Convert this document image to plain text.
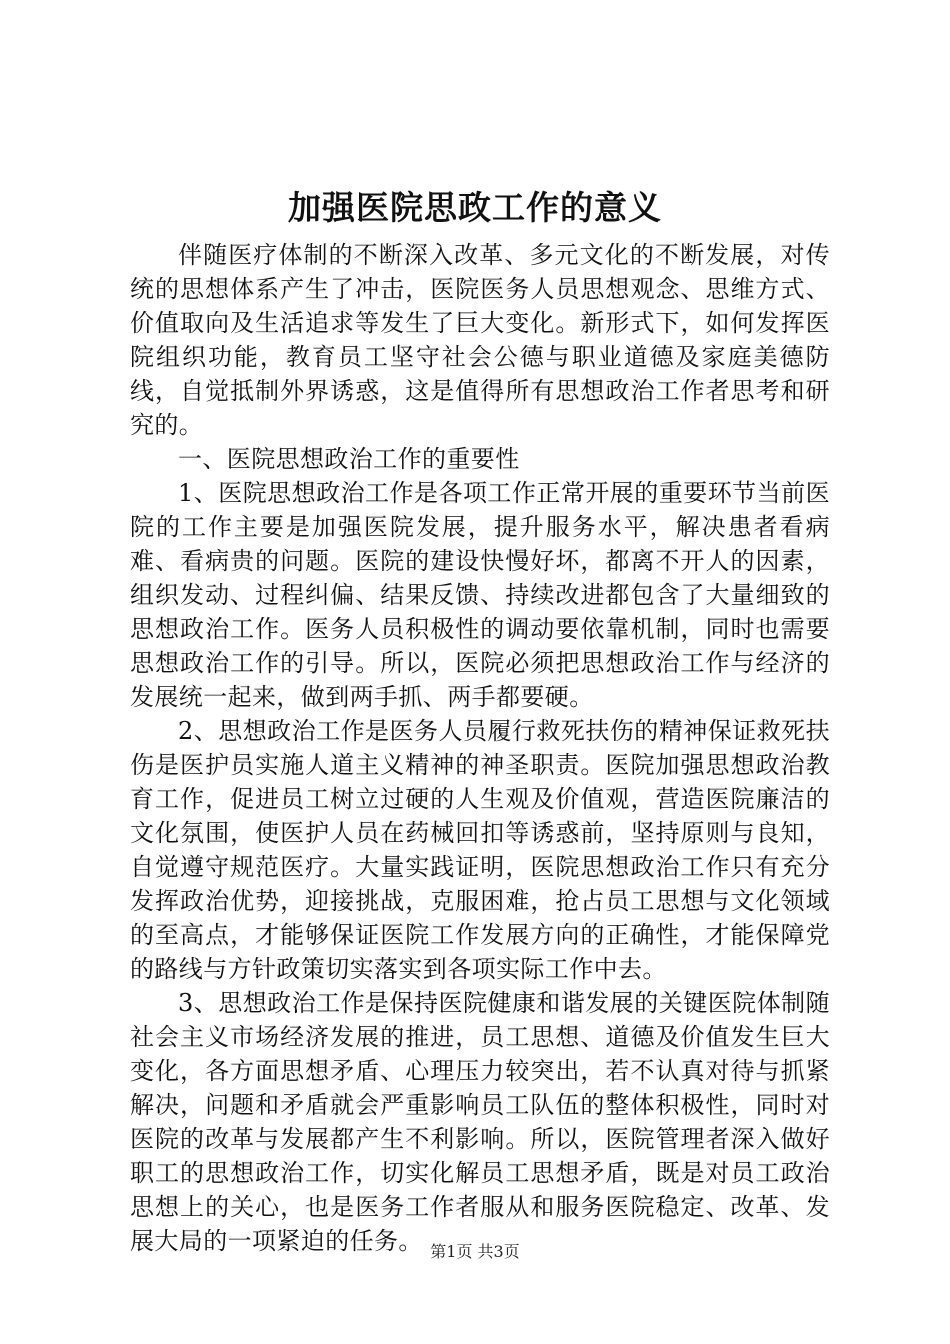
加强医院思政工作的意义

伴随医疗体制的不断深入改革、多元文化的不断发展，对传统的思想体系产生了冲击，医院医务人员思想观念、思维方式、价值取向及生活追求等发生了巨大变化。新形式下，如何发挥医院组织功能，教育员工坚守社会公德与职业道德及家庭美德防线，自觉抵制外界诱惑，这是值得所有思想政治工作者思考和研究的。

一、医院思想政治工作的重要性

1、医院思想政治工作是各项工作正常开展的重要环节当前医院的工作主要是加强医院发展，提升服务水平，解决患者看病难、看病贵的问题。医院的建设快慢好坏，都离不开人的因素，组织发动、过程纠偏、结果反馈、持续改进都包含了大量细致的思想政治工作。医务人员积极性的调动要依靠机制，同时也需要思想政治工作的引导。所以，医院必须把思想政治工作与经济的发展统一起来，做到两手抓、两手都要硬。

2、思想政治工作是医务人员履行救死扶伤的精神保证救死扶伤是医护员实施人道主义精神的神圣职责。医院加强思想政治教育工作，促进员工树立过硬的人生观及价值观，营造医院廉洁的文化氛围，使医护人员在药械回扣等诱惑前，坚持原则与良知，自觉遵守规范医疗。大量实践证明，医院思想政治工作只有充分发挥政治优势，迎接挑战，克服困难，抢占员工思想与文化领域的至高点，才能够保证医院工作发展方向的正确性，才能保障党的路线与方针政策切实落实到各项实际工作中去。

3、思想政治工作是保持医院健康和谐发展的关键医院体制随社会主义市场经济发展的推进，员工思想、道德及价值发生巨大变化，各方面思想矛盾、心理压力较突出，若不认真对待与抓紧解决，问题和矛盾就会严重影响员工队伍的整体积极性，同时对医院的改革与发展都产生不利影响。所以，医院管理者深入做好职工的思想政治工作，切实化解员工思想矛盾，既是对员工政治思想上的关心，也是医务工作者服从和服务医院稳定、改革、发展大局的一项紧迫的任务。 第1页 共3页
